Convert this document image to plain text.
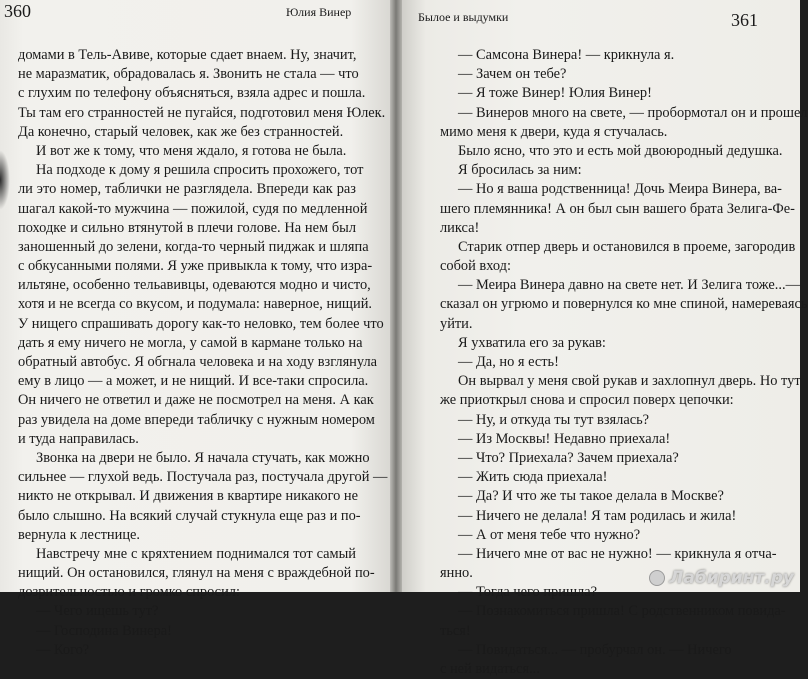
360	Юлия Винер
домами в Тель-Авиве, которые сдает внаем. Ну, значит,
не маразматик, обрадовалась я. Звонить не стала — что
с глухим по телефону объясняться, взяла адрес и пошла.
Ты там его странностей не пугайся, подготовил меня Юлек.
Да конечно, старый человек, как же без странностей.
И вот же к тому, что меня ждало, я готова не была.
На подходе к дому я решила спросить прохожего, тот
ли это номер, таблички не разглядела. Впереди как раз
шагал какой-то мужчина — пожилой, судя по медленной
походке и сильно втянутой в плечи голове. На нем был
заношенный до зелени, когда-то черный пиджак и шляпа
с обкусанными полями. Я уже привыкла к тому, что изра-
ильтяне, особенно тельавивцы, одеваются модно и чисто,
хотя и не всегда со вкусом, и подумала: наверное, нищий.
У нищего спрашивать дорогу как-то неловко, тем более что
дать я ему ничего не могла, у самой в кармане только на
обратный автобус. Я обгнала человека и на ходу взглянула
ему в лицо — а может, и не нищий. И все-таки спросила.
Он ничего не ответил и даже не посмотрел на меня. А как
раз увидела на доме впереди табличку с нужным номером
и туда направилась.
Звонка на двери не было. Я начала стучать, как можно
сильнее — глухой ведь. Постучала раз, постучала другой —
никто не открывал. И движения в квартире никакого не
было слышно. На всякий случай стукнула еще раз и по-
вернула к лестнице.
Навстречу мне с кряхтением поднимался тот самый
нищий. Он остановился, глянул на меня с враждебной по-
дозрительностью и громко спросил:
— Чего ищешь тут?
— Господина Винера!
— Кого?
361
Былое и выдумки
— Самсона Винера! — крикнула я.
— Зачем он тебе?
— Я тоже Винер! Юлия Винер!
— Винеров много на свете, — пробормотал он и прошел
мимо меня к двери, куда я стучалась.
Было ясно, что это и есть мой двоюродный дедушка.
Я бросилась за ним:
— Но я ваша родственница! Дочь Меира Винера, ва-
шего племянника! А он был сын вашего брата Зелига-Фе-
ликса!
Старик отпер дверь и остановился в проеме, загородив
собой вход:
— Меира Винера давно на свете нет. И Зелига тоже...—
сказал он угрюмо и повернулся ко мне спиной, намереваясь
уйти.
Я ухватила его за рукав:
— Да, но я есть!
Он вырвал у меня свой рукав и захлопнул дверь. Но тут
же приоткрыл снова и спросил поверх цепочки:
— Ну, и откуда ты тут взялась?
— Из Москвы! Недавно приехала!
— Что? Приехала? Зачем приехала?
— Жить сюда приехала!
— Да? И что же ты такое делала в Москве?
— Ничего не делала! Я там родилась и жила!
— А от меня тебе что нужно?
— Ничего мне от вас не нужно! — крикнула я отча-
янно.
— Тогда чего пришла?
— Познакомиться пришла! С родственником повида-
ться!
— Повидаться... — пробурчал он. — Ничего
с ней видаться...
Лабиринт.ру
